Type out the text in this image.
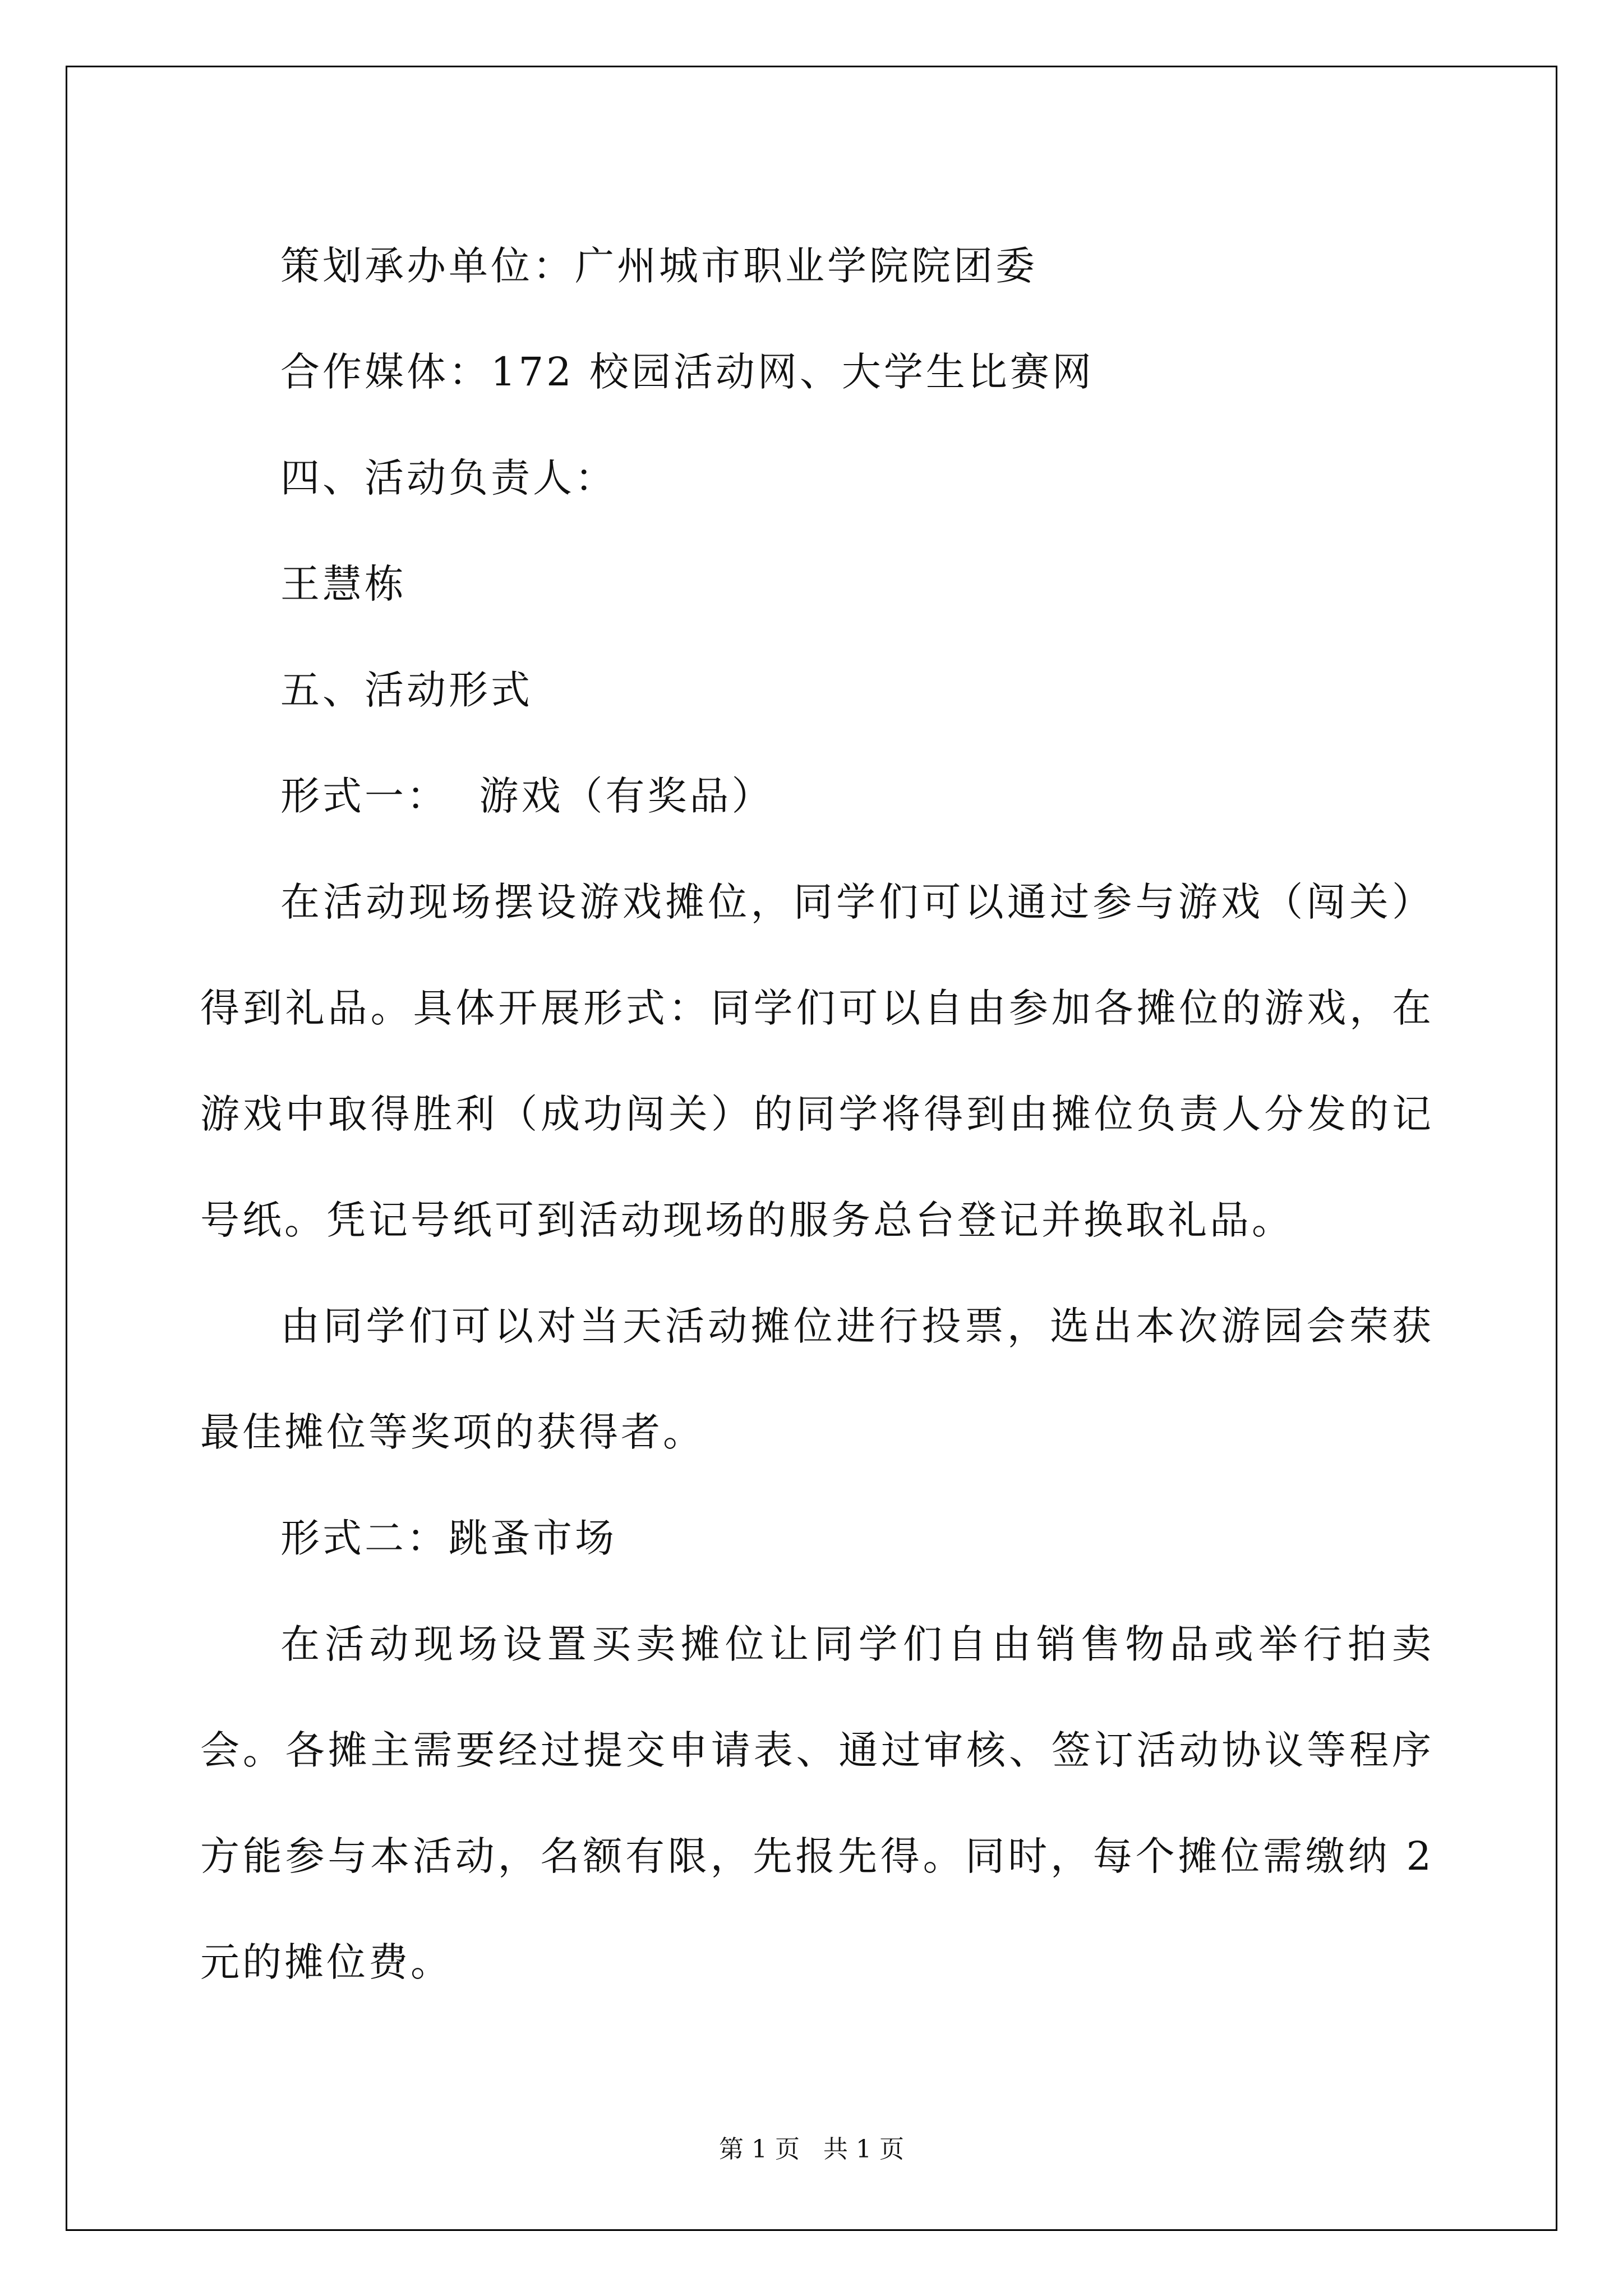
策划承办单位：广州城市职业学院院团委

合作媒体：172 校园活动网、大学生比赛网

四、活动负责人：

王慧栋

五、活动形式

形式一：  游戏（有奖品）

在活动现场摆设游戏摊位，同学们可以通过参与游戏（闯关）得到礼品。具体开展形式：同学们可以自由参加各摊位的游戏，在游戏中取得胜利（成功闯关）的同学将得到由摊位负责人分发的记号纸。凭记号纸可到活动现场的服务总台登记并换取礼品。

由同学们可以对当天活动摊位进行投票，选出本次游园会荣获最佳摊位等奖项的获得者。

形式二：跳蚤市场

在活动现场设置买卖摊位让同学们自由销售物品或举行拍卖会。各摊主需要经过提交申请表、通过审核、签订活动协议等程序方能参与本活动，名额有限，先报先得。同时，每个摊位需缴纳 2 元的摊位费。

第 1 页   共 1 页
